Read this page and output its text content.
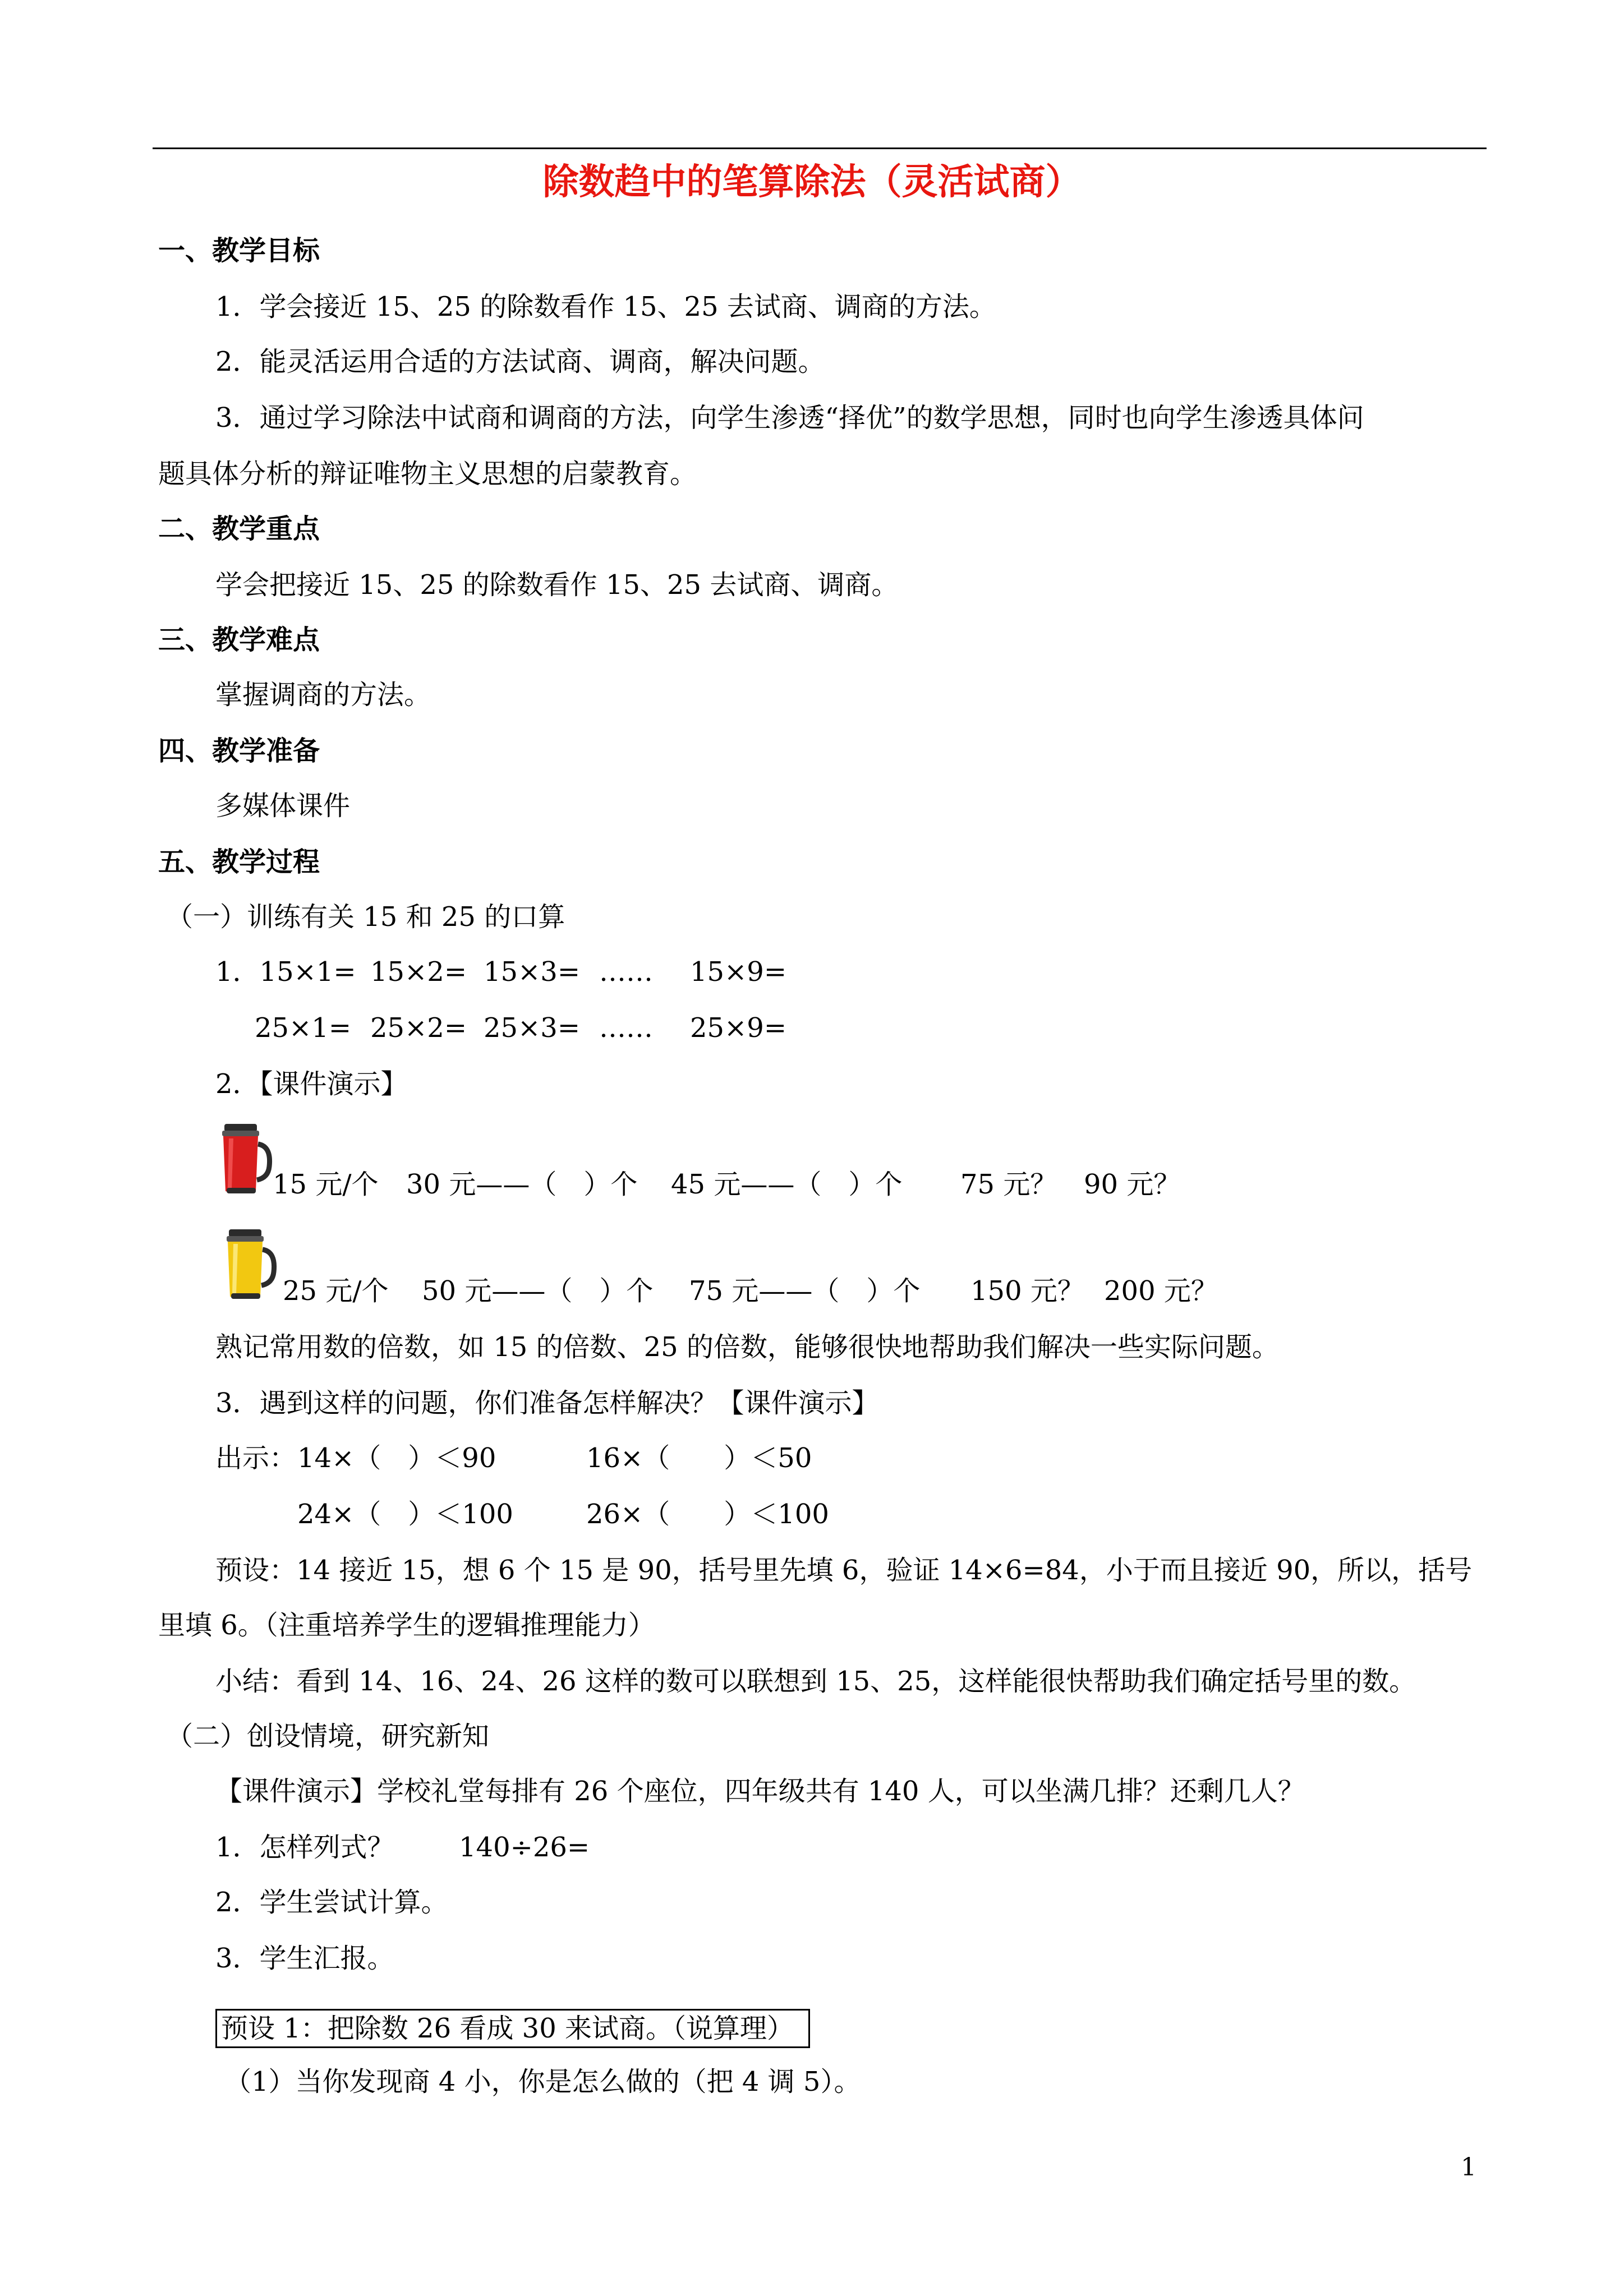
除数趋中的笔算除法（灵活试商）
一、教学目标
1．学会接近 15、25 的除数看作 15、25 去试商、调商的方法。
2．能灵活运用合适的方法试商、调商，解决问题。
3．通过学习除法中试商和调商的方法，向学生渗透“择优”的数学思想，同时也向学生渗透具体问
题具体分析的辩证唯物主义思想的启蒙教育。
二、教学重点
学会把接近 15、25 的除数看作 15、25 去试商、调商。
三、教学难点
掌握调商的方法。
四、教学准备
多媒体课件
五、教学过程
（一）训练有关 15 和 25 的口算
1．15×1= 15×2= 15×3= …… 15×9=
25×1= 25×2= 25×3= …… 25×9=
2．【课件演示】
15 元/个 30 元——（　）个 45 元——（　）个 75 元？ 90 元？
25 元/个 50 元——（　）个 75 元——（　）个 150 元？ 200 元？
熟记常用数的倍数，如 15 的倍数、25 的倍数，能够很快地帮助我们解决一些实际问题。
3．遇到这样的问题，你们准备怎样解决？【课件演示】
出示： 14×（　）＜90	16×（　　）＜50
24×（　）＜100	26×（　　）＜100
预设：14 接近 15，想 6 个 15 是 90，括号里先填 6，验证 14×6=84，小于而且接近 90，所以，括号
里填 6。（注重培养学生的逻辑推理能力）
小结：看到 14、16、24、26 这样的数可以联想到 15、25，这样能很快帮助我们确定括号里的数。
（二）创设情境，研究新知
【课件演示】学校礼堂每排有 26 个座位，四年级共有 140 人，可以坐满几排？还剩几人？
1．怎样列式？ 140÷26=
2．学生尝试计算。
3．学生汇报。
预设 1：把除数 26 看成 30 来试商。（说算理）
（1）当你发现商 4 小，你是怎么做的（把 4 调 5）。
1
